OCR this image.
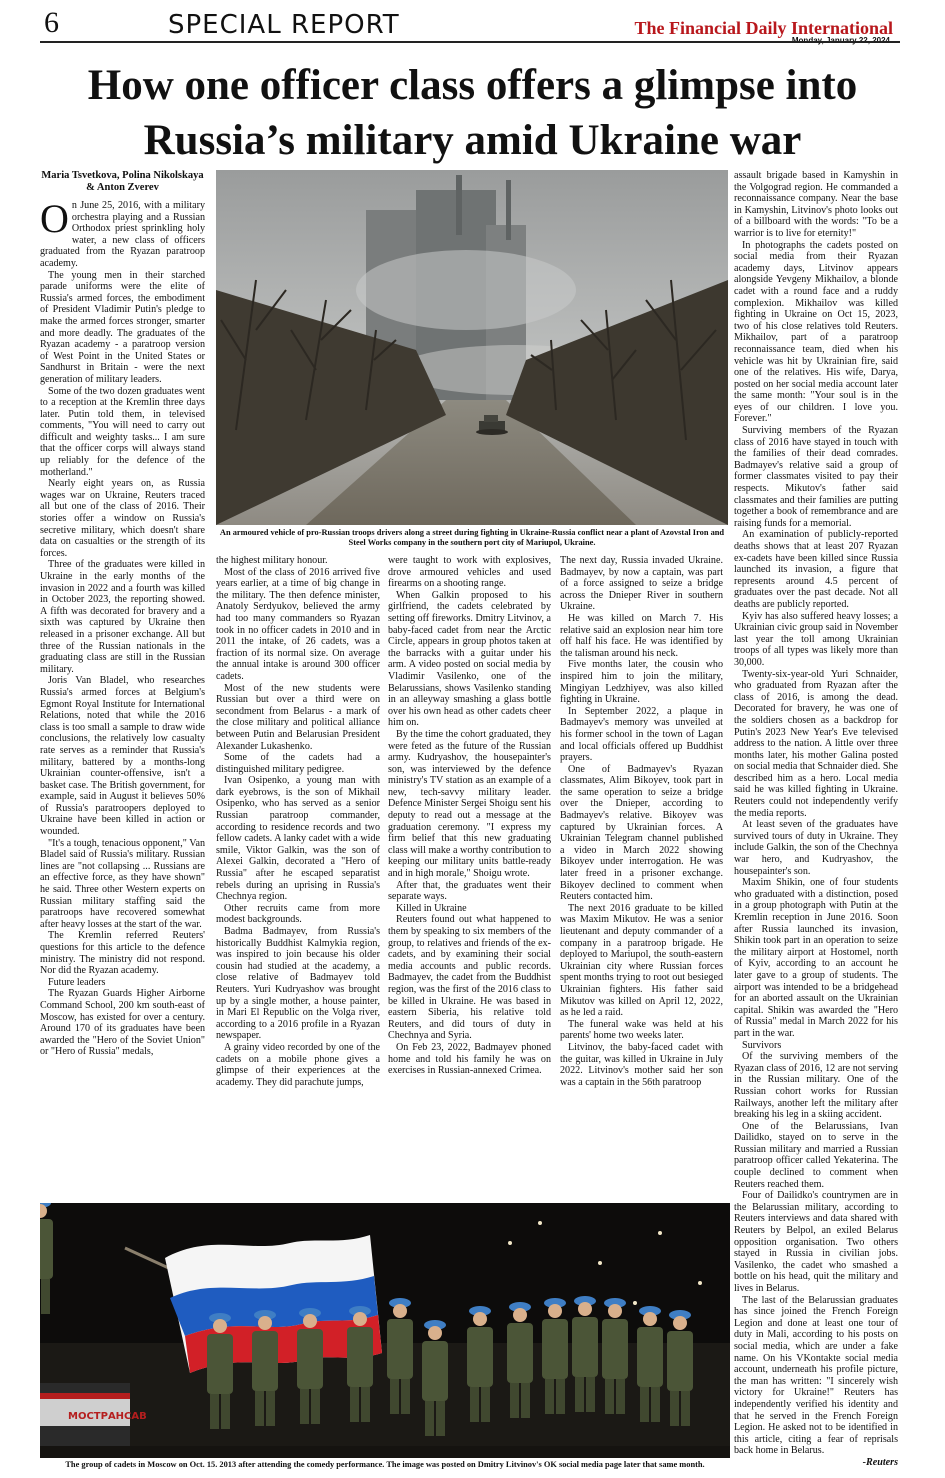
6	SPECIAL REPORT	The Financial Daily International
Monday, January 22, 2024
How one officer class offers a glimpse into Russia’s military amid Ukraine war
Maria Tsvetkova, Polina Nikolskaya & Anton Zverev

On June 25, 2016, with a military orchestra playing and a Russian Orthodox priest sprinkling holy water, a new class of officers graduated from the Ryazan paratroop academy.

The young men in their starched parade uniforms were the elite of Russia's armed forces, the embodiment of President Vladimir Putin's pledge to make the armed forces stronger, smarter and more deadly. The graduates of the Ryazan academy - a paratroop version of West Point in the United States or Sandhurst in Britain - were the next generation of military leaders.

Some of the two dozen graduates went to a reception at the Kremlin three days later. Putin told them, in televised comments, "You will need to carry out difficult and weighty tasks... I am sure that the officer corps will always stand up reliably for the defence of the motherland."

Nearly eight years on, as Russia wages war on Ukraine, Reuters traced all but one of the class of 2016. Their stories offer a window on Russia's secretive military, which doesn't share data on casualties or the strength of its forces.

Three of the graduates were killed in Ukraine in the early months of the invasion in 2022 and a fourth was killed in October 2023, the reporting showed. A fifth was decorated for bravery and a sixth was captured by Ukraine then released in a prisoner exchange. All but three of the Russian nationals in the graduating class are still in the Russian military.

Joris Van Bladel, who researches Russia's armed forces at Belgium's Egmont Royal Institute for International Relations, noted that while the 2016 class is too small a sample to draw wide conclusions, the relatively low casualty rate serves as a reminder that Russia's military, battered by a months-long Ukrainian counter-offensive, isn't a basket case. The British government, for example, said in August it believes 50% of Russia's paratroopers deployed to Ukraine have been killed in action or wounded.

"It's a tough, tenacious opponent," Van Bladel said of Russia's military. Russian lines are "not collapsing ... Russians are an effective force, as they have shown" he said. Three other Western experts on Russian military staffing said the paratroops have recovered somewhat after heavy losses at the start of the war.

The Kremlin referred Reuters' questions for this article to the defence ministry. The ministry did not respond. Nor did the Ryazan academy.

Future leaders

The Ryazan Guards Higher Airborne Command School, 200 km south-east of Moscow, has existed for over a century. Around 170 of its graduates have been awarded the "Hero of the Soviet Union" or "Hero of Russia" medals,

An armoured vehicle of pro-Russian troops drivers along a street during fighting in Ukraine-Russia conflict near a plant of Azovstal Iron and Steel Works company in the southern port city of Mariupol, Ukraine.

the highest military honour.

Most of the class of 2016 arrived five years earlier, at a time of big change in the military. The then defence minister, Anatoly Serdyukov, believed the army had too many commanders so Ryazan took in no officer cadets in 2010 and in 2011 the intake, of 26 cadets, was a fraction of its normal size. On average the annual intake is around 300 officer cadets.

Most of the new students were Russian but over a third were on secondment from Belarus - a mark of the close military and political alliance between Putin and Belarusian President Alexander Lukashenko.

Some of the cadets had a distinguished military pedigree.

Ivan Osipenko, a young man with dark eyebrows, is the son of Mikhail Osipenko, who has served as a senior Russian paratroop commander, according to residence records and two fellow cadets. A lanky cadet with a wide smile, Viktor Galkin, was the son of Alexei Galkin, decorated a "Hero of Russia" after he escaped separatist rebels during an uprising in Russia's Chechnya region.

Other recruits came from more modest backgrounds.

Badma Badmayev, from Russia's historically Buddhist Kalmykia region, was inspired to join because his older cousin had studied at the academy, a close relative of Badmayev told Reuters. Yuri Kudryashov was brought up by a single mother, a house painter, in Mari El Republic on the Volga river, according to a 2016 profile in a Ryazan newspaper.

A grainy video recorded by one of the cadets on a mobile phone gives a glimpse of their experiences at the academy. They did parachute jumps,

were taught to work with explosives, drove armoured vehicles and used firearms on a shooting range.

When Galkin proposed to his girlfriend, the cadets celebrated by setting off fireworks. Dmitry Litvinov, a baby-faced cadet from near the Arctic Circle, appears in group photos taken at the barracks with a guitar under his arm. A video posted on social media by Vladimir Vasilenko, one of the Belarussians, shows Vasilenko standing in an alleyway smashing a glass bottle over his own head as other cadets cheer him on.

By the time the cohort graduated, they were feted as the future of the Russian army. Kudryashov, the housepainter's son, was interviewed by the defence ministry's TV station as an example of a new, tech-savvy military leader. Defence Minister Sergei Shoigu sent his deputy to read out a message at the graduation ceremony. "I express my firm belief that this new graduating class will make a worthy contribution to keeping our military units battle-ready and in high morale," Shoigu wrote.

After that, the graduates went their separate ways.

Killed in Ukraine

Reuters found out what happened to them by speaking to six members of the group, to relatives and friends of the ex-cadets, and by examining their social media accounts and public records. Badmayev, the cadet from the Buddhist region, was the first of the 2016 class to be killed in Ukraine. He was based in eastern Siberia, his relative told Reuters, and did tours of duty in Chechnya and Syria.

On Feb 23, 2022, Badmayev phoned home and told his family he was on exercises in Russian-annexed Crimea.

The next day, Russia invaded Ukraine. Badmayev, by now a captain, was part of a force assigned to seize a bridge across the Dnieper River in southern Ukraine.

He was killed on March 7. His relative said an explosion near him tore off half his face. He was identified by the talisman around his neck.

Five months later, the cousin who inspired him to join the military, Mingiyan Ledzhiyev, was also killed fighting in Ukraine.

In September 2022, a plaque in Badmayev's memory was unveiled at his former school in the town of Lagan and local officials offered up Buddhist prayers.

One of Badmayev's Ryazan classmates, Alim Bikoyev, took part in the same operation to seize a bridge over the Dnieper, according to Badmayev's relative. Bikoyev was captured by Ukrainian forces. A Ukrainian Telegram channel published a video in March 2022 showing Bikoyev under interrogation. He was later freed in a prisoner exchange. Bikoyev declined to comment when Reuters contacted him.

The next 2016 graduate to be killed was Maxim Mikutov. He was a senior lieutenant and deputy commander of a company in a paratroop brigade. He deployed to Mariupol, the south-eastern Ukrainian city where Russian forces spent months trying to root out besieged Ukrainian fighters. His father said Mikutov was killed on April 12, 2022, as he led a raid.

The funeral wake was held at his parents' home two weeks later.

Litvinov, the baby-faced cadet with the guitar, was killed in Ukraine in July 2022. Litvinov's mother said her son was a captain in the 56th paratroop

assault brigade based in Kamyshin in the Volgograd region. He commanded a reconnaissance company. Near the base in Kamyshin, Litvinov's photo looks out of a billboard with the words: "To be a warrior is to live for eternity!"

In photographs the cadets posted on social media from their Ryazan academy days, Litvinov appears alongside Yevgeny Mikhailov, a blonde cadet with a round face and a ruddy complexion. Mikhailov was killed fighting in Ukraine on Oct 15, 2023, two of his close relatives told Reuters. Mikhailov, part of a paratroop reconnaissance team, died when his vehicle was hit by Ukrainian fire, said one of the relatives. His wife, Darya, posted on her social media account later the same month: "Your soul is in the eyes of our children. I love you. Forever."

Surviving members of the Ryazan class of 2016 have stayed in touch with the families of their dead comrades. Badmayev's relative said a group of former classmates visited to pay their respects. Mikutov's father said classmates and their families are putting together a book of remembrance and are raising funds for a memorial.

An examination of publicly-reported deaths shows that at least 207 Ryazan ex-cadets have been killed since Russia launched its invasion, a figure that represents around 4.5 percent of graduates over the past decade. Not all deaths are publicly reported.

Kyiv has also suffered heavy losses; a Ukrainian civic group said in November last year the toll among Ukrainian troops of all types was likely more than 30,000.

Twenty-six-year-old Yuri Schnaider, who graduated from Ryazan after the class of 2016, is among the dead. Decorated for bravery, he was one of the soldiers chosen as a backdrop for Putin's 2023 New Year's Eve televised address to the nation. A little over three months later, his mother Galina posted on social media that Schnaider died. She described him as a hero. Local media said he was killed fighting in Ukraine. Reuters could not independently verify the media reports.

At least seven of the graduates have survived tours of duty in Ukraine. They include Galkin, the son of the Chechnya war hero, and Kudryashov, the housepainter's son.

Maxim Shikin, one of four students who graduated with a distinction, posed in a group photograph with Putin at the Kremlin reception in June 2016. Soon after Russia launched its invasion, Shikin took part in an operation to seize the military airport at Hostomel, north of Kyiv, according to an account he later gave to a group of students. The airport was intended to be a bridgehead for an aborted assault on the Ukrainian capital. Shikin was awarded the "Hero of Russia" medal in March 2022 for his part in the war.

Survivors

Of the surviving members of the Ryazan class of 2016, 12 are not serving in the Russian military. One of the Russian cohort works for Russian Railways, another left the military after breaking his leg in a skiing accident.

One of the Belarussians, Ivan Dailidko, stayed on to serve in the Russian military and married a Russian paratroop officer called Yekaterina. The couple declined to comment when Reuters reached them.

Four of Dailidko's countrymen are in the Belarussian military, according to Reuters interviews and data shared with Reuters by Belpol, an exiled Belarus opposition organisation. Two others stayed in Russia in civilian jobs. Vasilenko, the cadet who smashed a bottle on his head, quit the military and lives in Belarus.

The last of the Belarussian graduates has since joined the French Foreign Legion and done at least one tour of duty in Mali, according to his posts on social media, which are under a fake name. On his VKontakte social media account, underneath his profile picture, the man has written: "I sincerely wish victory for Ukraine!" Reuters has independently verified his identity and that he served in the French Foreign Legion. He asked not to be identified in this article, citing a fear of reprisals back home in Belarus.

-Reuters

МОСТРАНСАВ
The group of cadets in Moscow on Oct. 15. 2013 after attending the comedy performance. The image was posted on Dmitry Litvinov's OK social media page later that same month.
